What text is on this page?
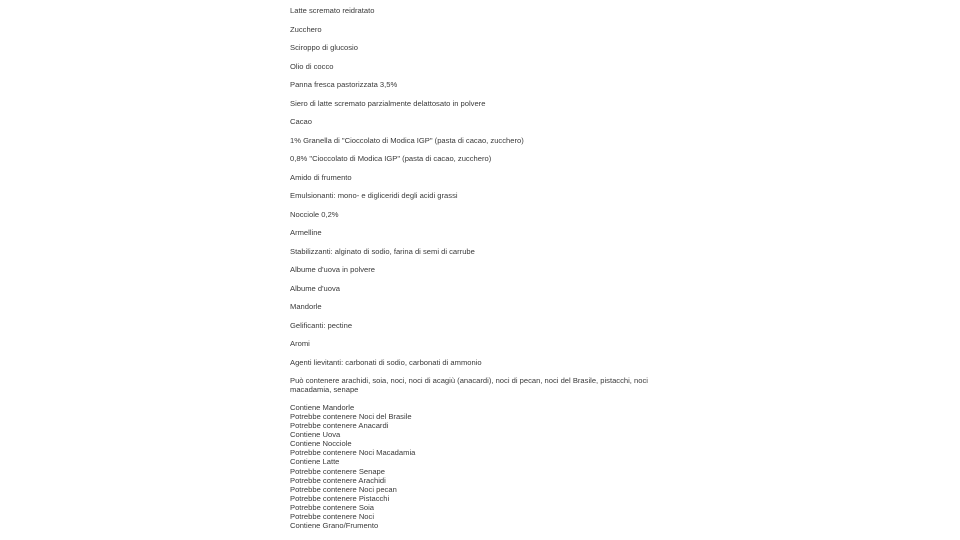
Latte scremato reidratato
Zucchero
Sciroppo di glucosio
Olio di cocco
Panna fresca pastorizzata 3,5%
Siero di latte scremato parzialmente delattosato in polvere
Cacao
1% Granella di "Cioccolato di Modica IGP" (pasta di cacao, zucchero)
0,8% "Cioccolato di Modica IGP" (pasta di cacao, zucchero)
Amido di frumento
Emulsionanti: mono- e digliceridi degli acidi grassi
Nocciole 0,2%
Armelline
Stabilizzanti: alginato di sodio, farina di semi di carrube
Albume d'uova in polvere
Albume d'uova
Mandorle
Gelificanti: pectine
Aromi
Agenti lievitanti: carbonati di sodio, carbonati di ammonio
Può contenere arachidi, soia, noci, noci di acagiù (anacardi), noci di pecan, noci del Brasile, pistacchi, noci macadamia, senape
Contiene Mandorle
Potrebbe contenere Noci del Brasile
Potrebbe contenere Anacardi
Contiene Uova
Contiene Nocciole
Potrebbe contenere Noci Macadamia
Contiene Latte
Potrebbe contenere Senape
Potrebbe contenere Arachidi
Potrebbe contenere Noci pecan
Potrebbe contenere Pistacchi
Potrebbe contenere Soia
Potrebbe contenere Noci
Contiene Grano/Frumento
